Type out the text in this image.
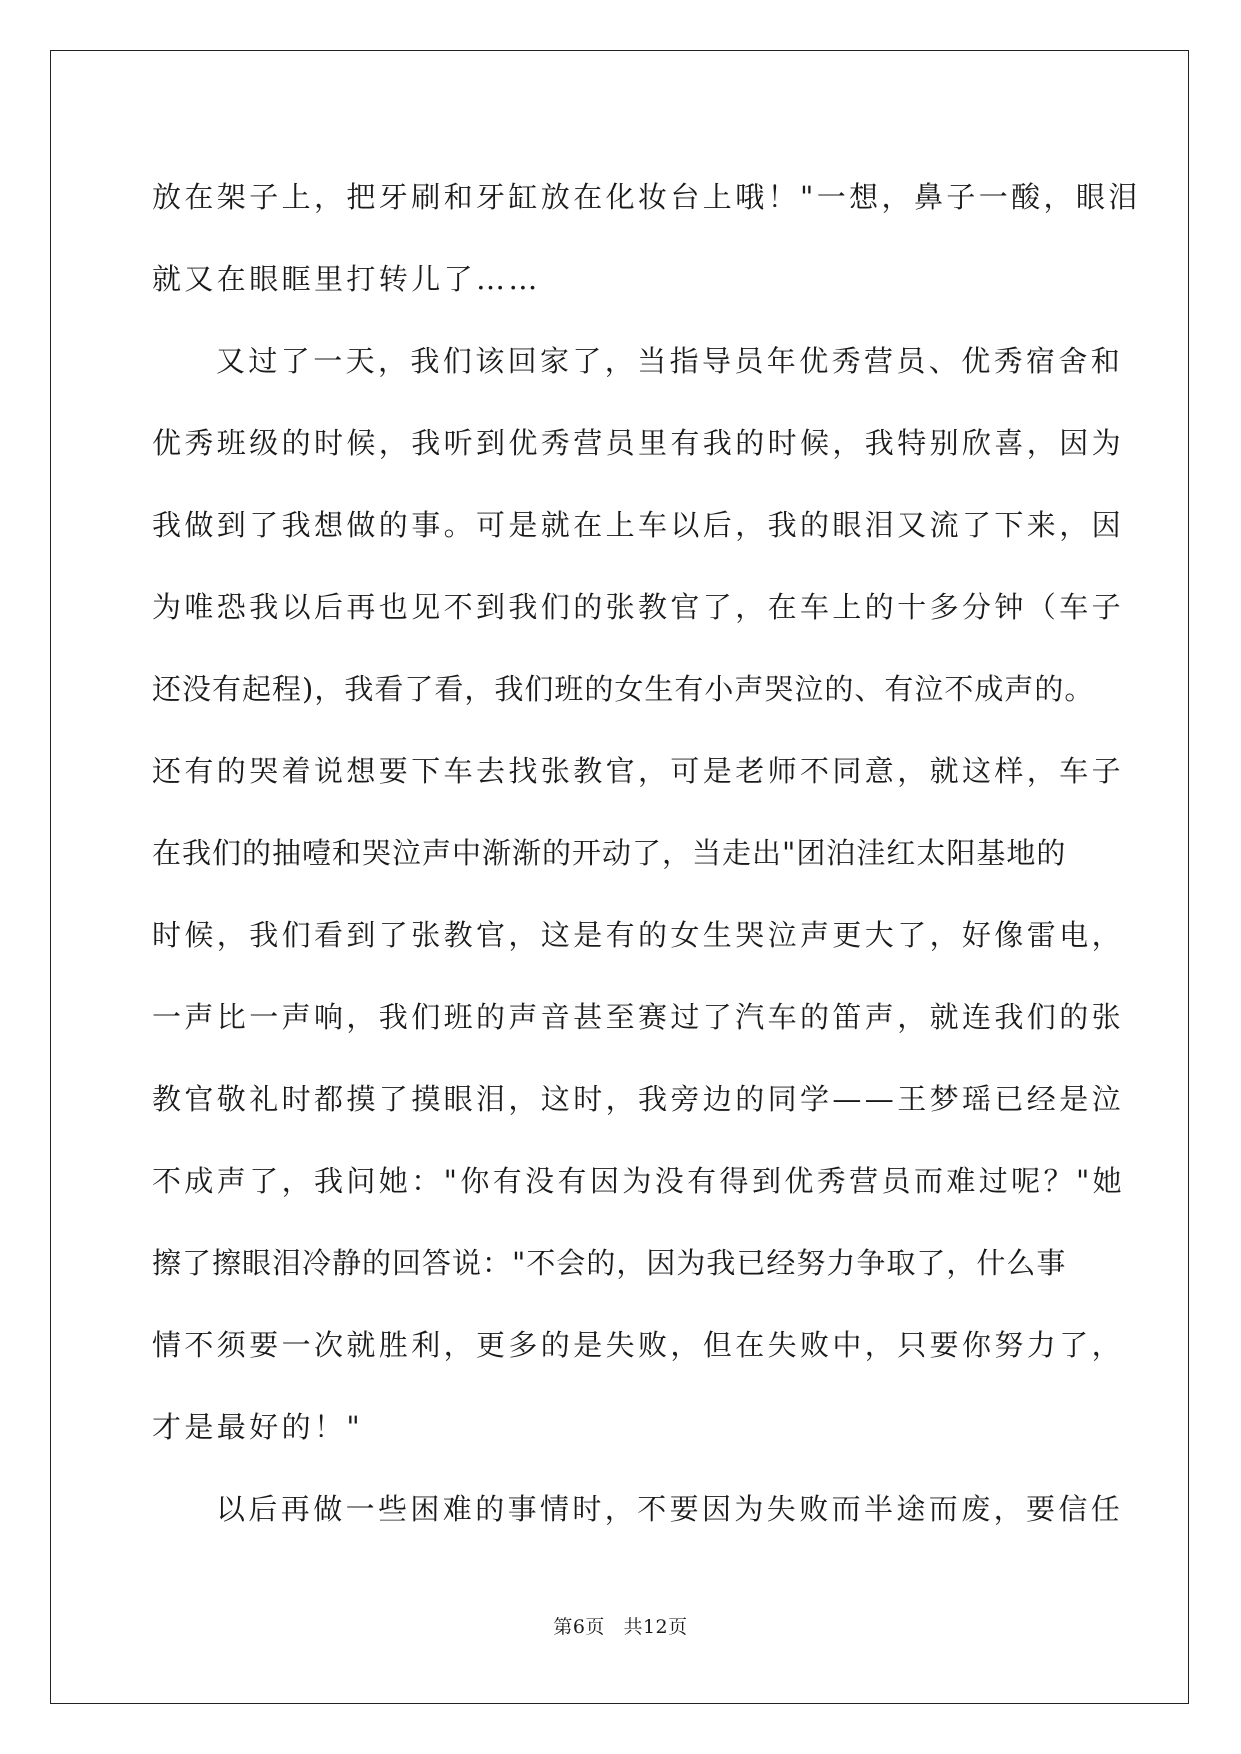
放在架子上，把牙刷和牙缸放在化妆台上哦！"一想，鼻子一酸，眼泪
就又在眼眶里打转儿了……
又过了一天，我们该回家了，当指导员年优秀营员、优秀宿舍和
优秀班级的时候，我听到优秀营员里有我的时候，我特别欣喜，因为
我做到了我想做的事。可是就在上车以后，我的眼泪又流了下来，因
为唯恐我以后再也见不到我们的张教官了，在车上的十多分钟（车子
还没有起程)，我看了看，我们班的女生有小声哭泣的、有泣不成声的。
还有的哭着说想要下车去找张教官，可是老师不同意，就这样，车子
在我们的抽噎和哭泣声中渐渐的开动了，当走出"团泊洼红太阳基地的
时候，我们看到了张教官，这是有的女生哭泣声更大了，好像雷电，
一声比一声响，我们班的声音甚至赛过了汽车的笛声，就连我们的张
教官敬礼时都摸了摸眼泪，这时，我旁边的同学——王梦瑶已经是泣
不成声了，我问她："你有没有因为没有得到优秀营员而难过呢？"她
擦了擦眼泪冷静的回答说："不会的，因为我已经努力争取了，什么事
情不须要一次就胜利，更多的是失败，但在失败中，只要你努力了，
才是最好的！"
以后再做一些困难的事情时，不要因为失败而半途而废，要信任
第6页 共12页
